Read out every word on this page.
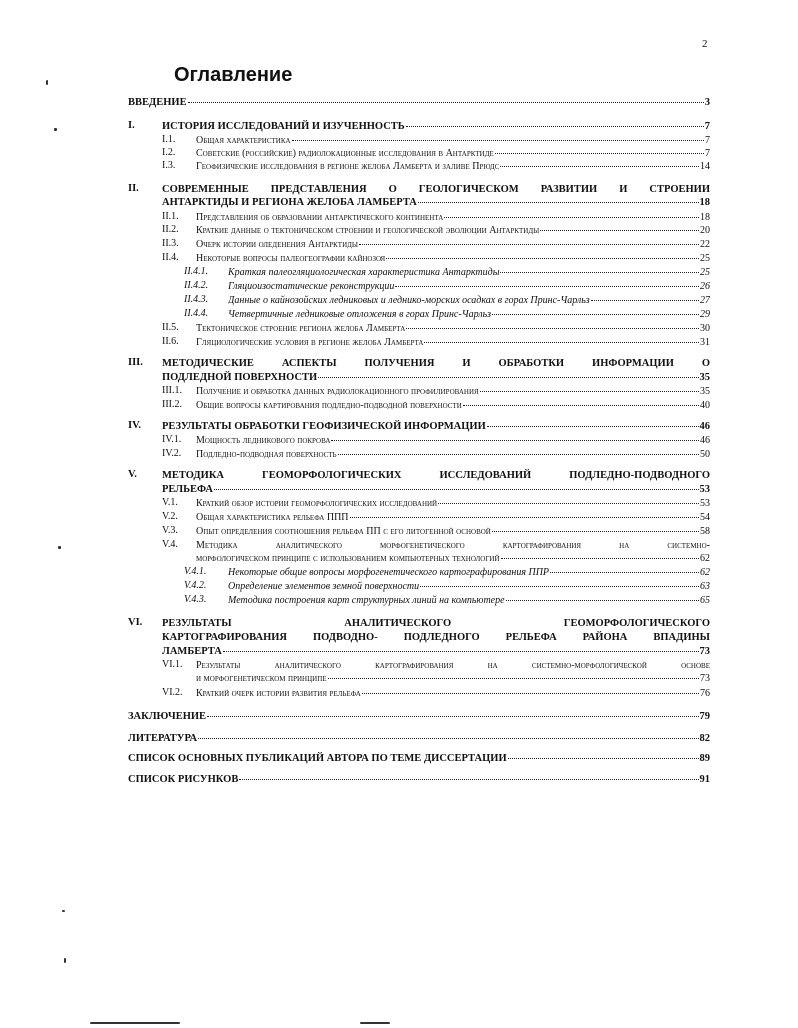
2
Оглавление
ВВЕДЕНИЕ	3
I.	ИСТОРИЯ ИССЛЕДОВАНИЙ И ИЗУЧЕННОСТЬ	7
I.1. Общая характеристика	7
I.2. Советские (российские) радиолокационные исследования в Антарктиде	7
I.3. Геофизические исследования в регионе желоба Ламберта и заливе Прюдс	14
II. СОВРЕМЕННЫЕ ПРЕДСТАВЛЕНИЯ О ГЕОЛОГИЧЕСКОМ РАЗВИТИИ И СТРОЕНИИ
АНТАРКТИДЫ И РЕГИОНА ЖЕЛОБА ЛАМБЕРТА	18
II.1. Представления об образовании антарктического континента	18
II.2. Краткие данные о тектоническом строении и геологической эволюции Антарктиды	20
II.3. Очерк истории оледенения Антарктиды	22
II.4. Некоторые вопросы палеогеографии кайнозоя	25
II.4.1. Краткая палеогляциологическая характеристика Антарктиды	25
II.4.2. Гляциоизостатические реконструкции	26
II.4.3. Данные о кайнозойских ледниковых и леднико-морских осадках в горах Принс-Чарльз	27
II.4.4. Четвертичные ледниковые отложения в горах Принс-Чарльз	29
II.5. Тектоническое строение региона желоба Ламберта	30
II.6. Гляциологические условия в регионе желоба Ламберта	31
III. МЕТОДИЧЕСКИЕ АСПЕКТЫ ПОЛУЧЕНИЯ И ОБРАБОТКИ ИНФОРМАЦИИ О
ПОДЛЕДНОЙ ПОВЕРХНОСТИ	35
III.1. Получение и обработка данных радиолокационного профилирования	35
III.2. Общие вопросы картирования подледно-подводной поверхности	40
IV. РЕЗУЛЬТАТЫ ОБРАБОТКИ ГЕОФИЗИЧЕСКОЙ ИНФОРМАЦИИ	46
IV.1. Мощность ледникового покрова	46
IV.2. Подледно-подводная поверхность	50
V. МЕТОДИКА ГЕОМОРФОЛОГИЧЕСКИХ ИССЛЕДОВАНИЙ ПОДЛЕДНО-ПОДВОДНОГО
РЕЛЬЕФА	53
V.1. Краткий обзор истории геоморфологических исследований	53
V.2. Общая характеристика рельефа ППП	54
V.3. Опыт определения соотношения рельефа ПП с его литогенной основой	58
V.4. Методика аналитического морфогенетического картографирования на системно-
морфологическом принципе с использованием компьютерных технологий	62
V.4.1. Некоторые общие вопросы морфогенетического картографирования ППР	62
V.4.2. Определение элементов земной поверхности	63
V.4.3. Методика построения карт структурных линий на компьютере	65
VI. РЕЗУЛЬТАТЫ АНАЛИТИЧЕСКОГО ГЕОМОРФОЛОГИЧЕСКОГО
КАРТОГРАФИРОВАНИЯ ПОДВОДНО- ПОДЛЕДНОГО РЕЛЬЕФА РАЙОНА ВПАДИНЫ
ЛАМБЕРТА	73
VI.1. Результаты аналитического картографирования на системно-морфологической основе
и морфогенетическом принципе	73
VI.2. Краткий очерк истории развития рельефа	76
ЗАКЛЮЧЕНИЕ	79
ЛИТЕРАТУРА	82
СПИСОК ОСНОВНЫХ ПУБЛИКАЦИЙ АВТОРА ПО ТЕМЕ ДИССЕРТАЦИИ	89
СПИСОК РИСУНКОВ	91
